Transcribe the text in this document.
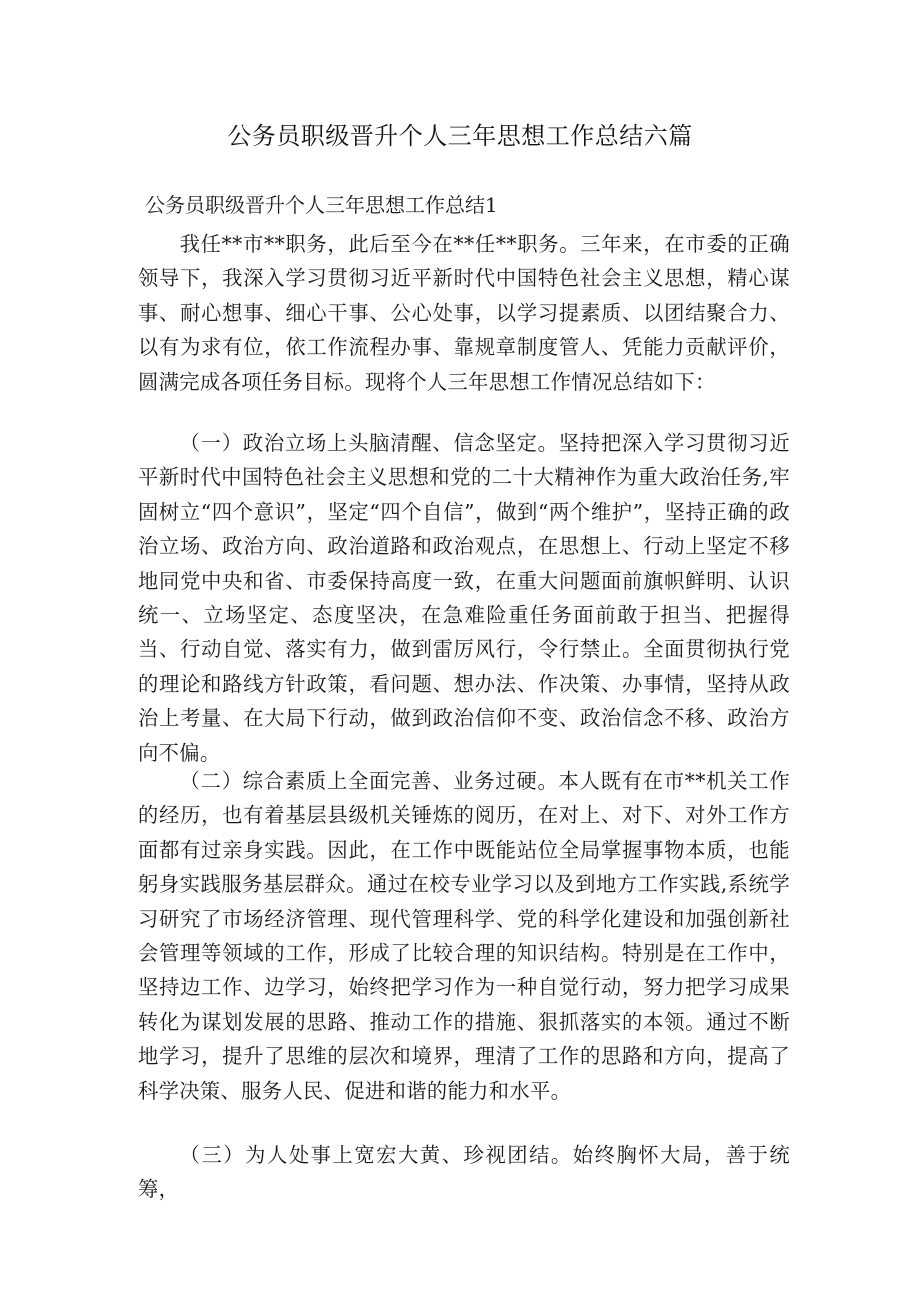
公务员职级晋升个人三年思想工作总结六篇
公务员职级晋升个人三年思想工作总结1

我任**市**职务，此后至今在**任**职务。三年来，在市委的正确领导下，我深入学习贯彻习近平新时代中国特色社会主义思想，精心谋事、耐心想事、细心干事、公心处事，以学习提素质、以团结聚合力、以有为求有位，依工作流程办事、靠规章制度管人、凭能力贡献评价，圆满完成各项任务目标。现将个人三年思想工作情况总结如下：

（一）政治立场上头脑清醒、信念坚定。坚持把深入学习贯彻习近平新时代中国特色社会主义思想和党的二十大精神作为重大政治任务,牢固树立“四个意识”，坚定“四个自信”，做到“两个维护”，坚持正确的政治立场、政治方向、政治道路和政治观点，在思想上、行动上坚定不移地同党中央和省、市委保持高度一致，在重大问题面前旗帜鲜明、认识统一、立场坚定、态度坚决，在急难险重任务面前敢于担当、把握得当、行动自觉、落实有力，做到雷厉风行，令行禁止。全面贯彻执行党的理论和路线方针政策，看问题、想办法、作决策、办事情，坚持从政治上考量、在大局下行动，做到政治信仰不变、政治信念不移、政治方向不偏。

（二）综合素质上全面完善、业务过硬。本人既有在市**机关工作的经历，也有着基层县级机关锤炼的阅历，在对上、对下、对外工作方面都有过亲身实践。因此，在工作中既能站位全局掌握事物本质，也能躬身实践服务基层群众。通过在校专业学习以及到地方工作实践,系统学习研究了市场经济管理、现代管理科学、党的科学化建设和加强创新社会管理等领域的工作，形成了比较合理的知识结构。特别是在工作中，坚持边工作、边学习，始终把学习作为一种自觉行动，努力把学习成果转化为谋划发展的思路、推动工作的措施、狠抓落实的本领。通过不断地学习，提升了思维的层次和境界，理清了工作的思路和方向，提高了科学决策、服务人民、促进和谐的能力和水平。

（三）为人处事上宽宏大黄、珍视团结。始终胸怀大局，善于统筹，
